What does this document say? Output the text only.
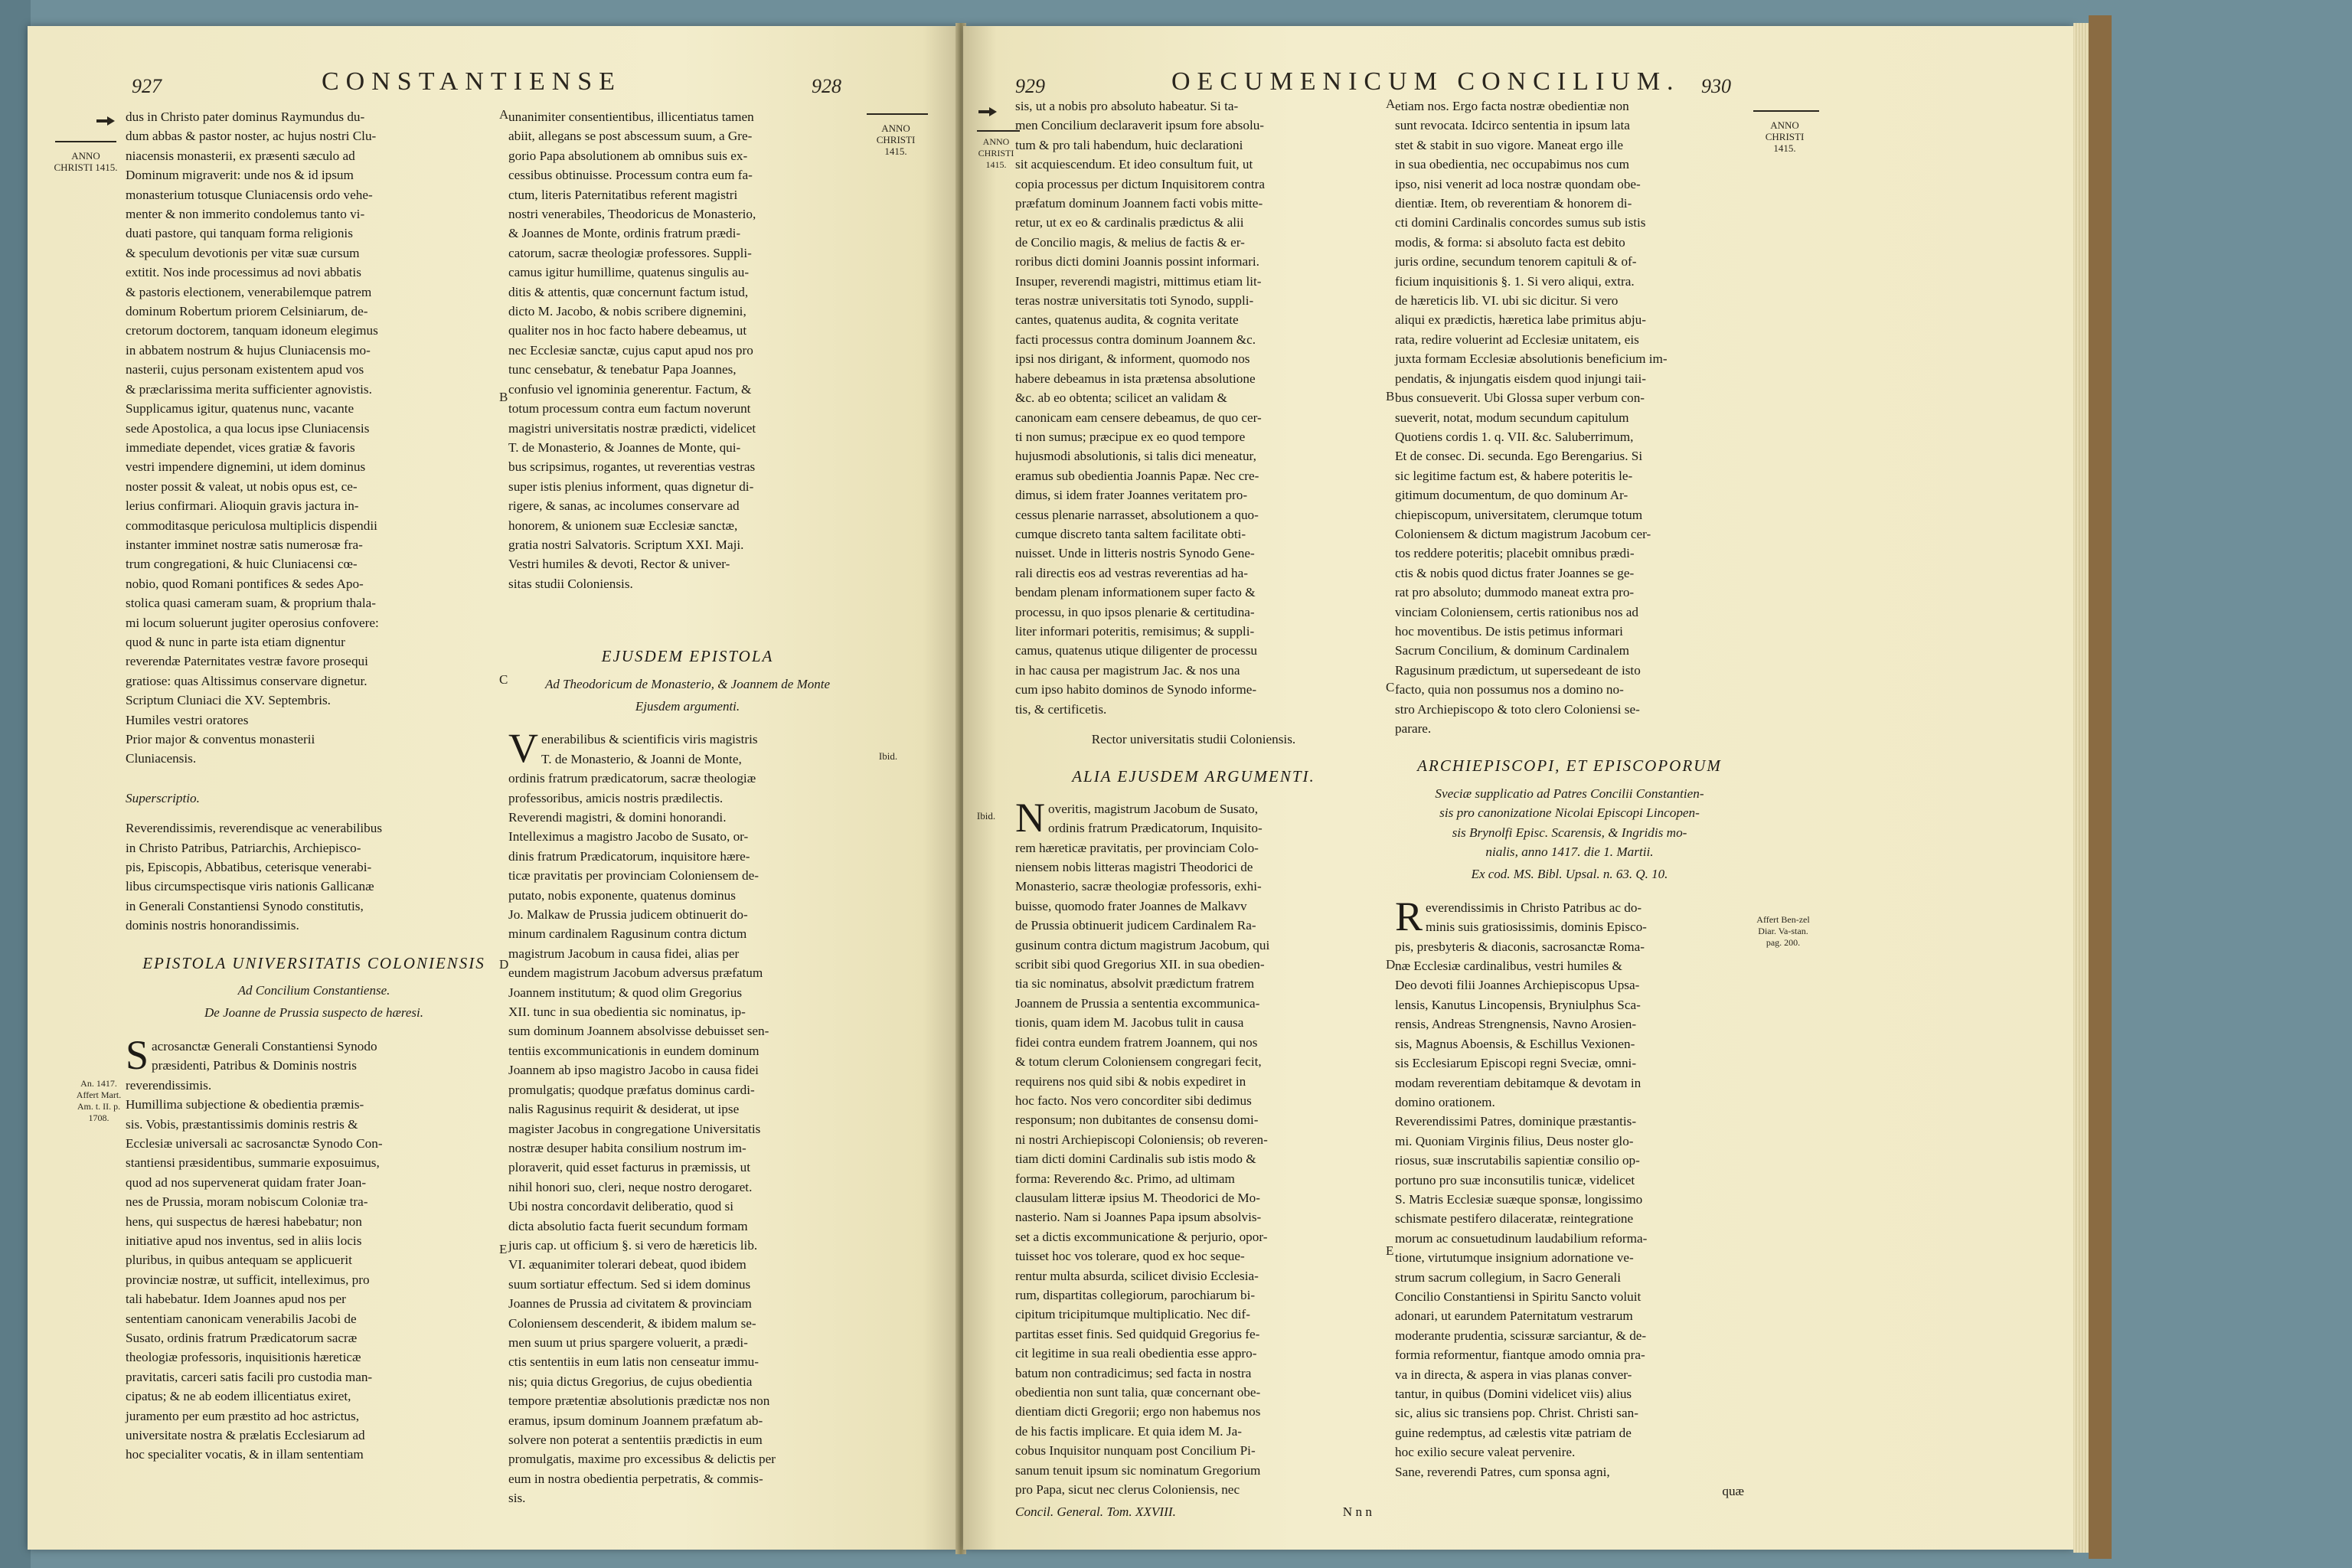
927	CONSTANTIENSE	928
ANNO CHRISTI 1415.
ANNO CHRISTI 1415.

dus in Christo pater dominus Raymundus du-

dum abbas & pastor noster, ac hujus nostri Clu-

niacensis monasterii, ex præsenti sæculo ad

Dominum migraverit: unde nos & id ipsum

monasterium totusque Cluniacensis ordo vehe-

menter & non immerito condolemus tanto vi-

duati pastore, qui tanquam forma religionis

& speculum devotionis per vitæ suæ cursum

extitit. Nos inde processimus ad novi abbatis

& pastoris electionem, venerabilemque patrem

dominum Robertum priorem Celsiniarum, de-

cretorum doctorem, tanquam idoneum elegimus

in abbatem nostrum & hujus Cluniacensis mo-

nasterii, cujus personam existentem apud vos

& præclarissima merita sufficienter agnovistis.

Supplicamus igitur, quatenus nunc, vacante

sede Apostolica, a qua locus ipse Cluniacensis

immediate dependet, vices gratiæ & favoris

vestri impendere dignemini, ut idem dominus

noster possit & valeat, ut nobis opus est, ce-

lerius confirmari. Alioquin gravis jactura in-

commoditasque periculosa multiplicis dispendii

instanter imminet nostræ satis numerosæ fra-

trum congregationi, & huic Cluniacensi cœ-

nobio, quod Romani pontifices & sedes Apo-

stolica quasi cameram suam, & proprium thala-

mi locum soluerunt jugiter operosius confovere:

quod & nunc in parte ista etiam dignentur

reverendæ Paternitates vestræ favore prosequi

gratiose: quas Altissimus conservare dignetur.

Scriptum Cluniaci die XV. Septembris.

Humiles vestri oratores

Prior major & conventus monasterii

Cluniacensis.

Superscriptio.

Reverendissimis, reverendisque ac venerabilibus

in Christo Patribus, Patriarchis, Archiepisco-

pis, Episcopis, Abbatibus, ceterisque venerabi-

libus circumspectisque viris nationis Gallicanæ

in Generali Constantiensi Synodo constitutis,

dominis nostris honorandissimis.

EPISTOLA UNIVERSITATIS COLONIENSIS

Ad Concilium Constantiense.

De Joanne de Prussia suspecto de hæresi.

Sacrosanctæ Generali Constantiensi Synodo

præsidenti, Patribus & Dominis nostris

reverendissimis.

Humillima subjectione & obedientia præmis-

sis. Vobis, præstantissimis dominis restris &

Ecclesiæ universali ac sacrosanctæ Synodo Con-

stantiensi præsidentibus, summarie exposuimus,

quod ad nos supervenerat quidam frater Joan-

nes de Prussia, moram nobiscum Coloniæ tra-

hens, qui suspectus de hæresi habebatur; non

initiative apud nos inventus, sed in aliis locis

pluribus, in quibus antequam se applicuerit

provinciæ nostræ, ut sufficit, intelleximus, pro

tali habebatur. Idem Joannes apud nos per

sententiam canonicam venerabilis Jacobi de

Susato, ordinis fratrum Prædicatorum sacræ

theologiæ professoris, inquisitionis hæreticæ

pravitatis, carceri satis facili pro custodia man-

cipatus; & ne ab eodem illicentiatus exiret,

juramento per eum præstito ad hoc astrictus,

universitate nostra & prælatis Ecclesiarum ad

hoc specialiter vocatis, & in illam sententiam

An. 1417. Affert Mart. Am. t. II. p. 1708.

unanimiter consentientibus, illicentiatus tamen

abiit, allegans se post abscessum suum, a Gre-

gorio Papa absolutionem ab omnibus suis ex-

cessibus obtinuisse. Processum contra eum fa-

ctum, literis Paternitatibus referent magistri

nostri venerabiles, Theodoricus de Monasterio,

& Joannes de Monte, ordinis fratrum prædi-

catorum, sacræ theologiæ professores. Suppli-

camus igitur humillime, quatenus singulis au-

ditis & attentis, quæ concernunt factum istud,

dicto M. Jacobo, & nobis scribere dignemini,

qualiter nos in hoc facto habere debeamus, ut

nec Ecclesiæ sanctæ, cujus caput apud nos pro

tunc censebatur, & tenebatur Papa Joannes,

confusio vel ignominia generentur. Factum, &

totum processum contra eum factum noverunt

magistri universitatis nostræ prædicti, videlicet

T. de Monasterio, & Joannes de Monte, qui-

bus scripsimus, rogantes, ut reverentias vestras

super istis plenius informent, quas dignetur di-

rigere, & sanas, ac incolumes conservare ad

honorem, & unionem suæ Ecclesiæ sanctæ,

gratia nostri Salvatoris. Scriptum XXI. Maji.

Vestri humiles & devoti, Rector & univer-

sitas studii Coloniensis.

EJUSDEM EPISTOLA

Ad Theodoricum de Monasterio, & Joannem de Monte

Ejusdem argumenti.

Venerabilibus & scientificis viris magistris

T. de Monasterio, & Joanni de Monte,

ordinis fratrum prædicatorum, sacræ theologiæ

professoribus, amicis nostris prædilectis.

Reverendi magistri, & domini honorandi.

Intelleximus a magistro Jacobo de Susato, or-

dinis fratrum Prædicatorum, inquisitore hære-

ticæ pravitatis per provinciam Coloniensem de-

putato, nobis exponente, quatenus dominus

Jo. Malkaw de Prussia judicem obtinuerit do-

minum cardinalem Ragusinum contra dictum

magistrum Jacobum in causa fidei, alias per

eundem magistrum Jacobum adversus præfatum

Joannem institutum; & quod olim Gregorius

XII. tunc in sua obedientia sic nominatus, ip-

sum dominum Joannem absolvisse debuisset sen-

tentiis excommunicationis in eundem dominum

Joannem ab ipso magistro Jacobo in causa fidei

promulgatis; quodque præfatus dominus cardi-

nalis Ragusinus requirit & desiderat, ut ipse

magister Jacobus in congregatione Universitatis

nostræ desuper habita consilium nostrum im-

ploraverit, quid esset facturus in præmissis, ut

nihil honori suo, cleri, neque nostro derogaret.

Ubi nostra concordavit deliberatio, quod si

dicta absolutio facta fuerit secundum formam

juris cap. ut officium §. si vero de hæreticis lib.

VI. æquanimiter tolerari debeat, quod ibidem

suum sortiatur effectum. Sed si idem dominus

Joannes de Prussia ad civitatem & provinciam

Coloniensem descenderit, & ibidem malum se-

men suum ut prius spargere voluerit, a prædi-

ctis sententiis in eum latis non censeatur immu-

nis; quia dictus Gregorius, de cujus obedientia

tempore prætentiæ absolutionis prædictæ nos non

eramus, ipsum dominum Joannem præfatum ab-

solvere non poterat a sententiis prædictis in eum

promulgatis, maxime pro excessibus & delictis per

eum in nostra obedientia perpetratis, & commis-

sis.

Ibid.
A
B
C
D
E
929	OECUMENICUM CONCILIUM. 930
ANNO CHRISTI 1415.
ANNO CHRISTI 1415.

sis, ut a nobis pro absoluto habeatur. Si ta-

men Concilium declaraverit ipsum fore absolu-

tum & pro tali habendum, huic declarationi

sit acquiescendum. Et ideo consultum fuit, ut

copia processus per dictum Inquisitorem contra

præfatum dominum Joannem facti vobis mitte-

retur, ut ex eo & cardinalis prædictus & alii

de Concilio magis, & melius de factis & er-

roribus dicti domini Joannis possint informari.

Insuper, reverendi magistri, mittimus etiam lit-

teras nostræ universitatis toti Synodo, suppli-

cantes, quatenus audita, & cognita veritate

facti processus contra dominum Joannem &c.

ipsi nos dirigant, & informent, quomodo nos

habere debeamus in ista prætensa absolutione

&c. ab eo obtenta; scilicet an validam &

canonicam eam censere debeamus, de quo cer-

ti non sumus; præcipue ex eo quod tempore

hujusmodi absolutionis, si talis dici meneatur,

eramus sub obedientia Joannis Papæ. Nec cre-

dimus, si idem frater Joannes veritatem pro-

cessus plenarie narrasset, absolutionem a quo-

cumque discreto tanta saltem facilitate obti-

nuisset. Unde in litteris nostris Synodo Gene-

rali directis eos ad vestras reverentias ad ha-

bendam plenam informationem super facto &

processu, in quo ipsos plenarie & certitudina-

liter informari poteritis, remisimus; & suppli-

camus, quatenus utique diligenter de processu

in hac causa per magistrum Jac. & nos una

cum ipso habito dominos de Synodo informe-

tis, & certificetis.

Rector universitatis studii Coloniensis.

ALIA EJUSDEM ARGUMENTI.

Noveritis, magistrum Jacobum de Susato,

ordinis fratrum Prædicatorum, Inquisito-

rem hæreticæ pravitatis, per provinciam Colo-

niensem nobis litteras magistri Theodorici de

Monasterio, sacræ theologiæ professoris, exhi-

buisse, quomodo frater Joannes de Malkavv

de Prussia obtinuerit judicem Cardinalem Ra-

gusinum contra dictum magistrum Jacobum, qui

scribit sibi quod Gregorius XII. in sua obedien-

tia sic nominatus, absolvit prædictum fratrem

Joannem de Prussia a sententia excommunica-

tionis, quam idem M. Jacobus tulit in causa

fidei contra eundem fratrem Joannem, qui nos

& totum clerum Coloniensem congregari fecit,

requirens nos quid sibi & nobis expediret in

hoc facto. Nos vero concorditer sibi dedimus

responsum; non dubitantes de consensu domi-

ni nostri Archiepiscopi Coloniensis; ob reveren-

tiam dicti domini Cardinalis sub istis modo &

forma: Reverendo &c. Primo, ad ultimam

clausulam litteræ ipsius M. Theodorici de Mo-

nasterio. Nam si Joannes Papa ipsum absolvis-

set a dictis excommunicatione & perjurio, opor-

tuisset hoc vos tolerare, quod ex hoc seque-

rentur multa absurda, scilicet divisio Ecclesia-

rum, dispartitas collegiorum, parochiarum bi-

cipitum tricipitumque multiplicatio. Nec dif-

partitas esset finis. Sed quidquid Gregorius fe-

cit legitime in sua reali obedientia esse appro-

batum non contradicimus; sed facta in nostra

obedientia non sunt talia, quæ concernant obe-

dientiam dicti Gregorii; ergo non habemus nos

de his factis implicare. Et quia idem M. Ja-

cobus Inquisitor nunquam post Concilium Pi-

sanum tenuit ipsum sic nominatum Gregorium

pro Papa, sicut nec clerus Coloniensis, nec

Concil. General. Tom. XXVIII.	N n n
Ibid.

etiam nos. Ergo facta nostræ obedientiæ non

sunt revocata. Idcirco sententia in ipsum lata

stet & stabit in suo vigore. Maneat ergo ille

in sua obedientia, nec occupabimus nos cum

ipso, nisi venerit ad loca nostræ quondam obe-

dientiæ. Item, ob reverentiam & honorem di-

cti domini Cardinalis concordes sumus sub istis

modis, & forma: si absoluto facta est debito

juris ordine, secundum tenorem capituli & of-

ficium inquisitionis §. 1. Si vero aliqui, extra.

de hæreticis lib. VI. ubi sic dicitur. Si vero

aliqui ex prædictis, hæretica labe primitus abju-

rata, redire voluerint ad Ecclesiæ unitatem, eis

juxta formam Ecclesiæ absolutionis beneficium im-

pendatis, & injungatis eisdem quod injungi taii-

bus consueverit. Ubi Glossa super verbum con-

sueverit, notat, modum secundum capitulum

Quotiens cordis 1. q. VII. &c. Saluberrimum,

Et de consec. Di. secunda. Ego Berengarius. Si

sic legitime factum est, & habere poteritis le-

gitimum documentum, de quo dominum Ar-

chiepiscopum, universitatem, clerumque totum

Coloniensem & dictum magistrum Jacobum cer-

tos reddere poteritis; placebit omnibus prædi-

ctis & nobis quod dictus frater Joannes se ge-

rat pro absoluto; dummodo maneat extra pro-

vinciam Coloniensem, certis rationibus nos ad

hoc moventibus. De istis petimus informari

Sacrum Concilium, & dominum Cardinalem

Ragusinum prædictum, ut supersedeant de isto

facto, quia non possumus nos a domino no-

stro Archiepiscopo & toto clero Coloniensi se-

parare.

ARCHIEPISCOPI, ET EPISCOPORUM

Sveciæ supplicatio ad Patres Concilii Constantien-

sis pro canonizatione Nicolai Episcopi Lincopen-

sis Brynolfi Episc. Scarensis, & Ingridis mo-

nialis, anno 1417. die 1. Martii.

Ex cod. MS. Bibl. Upsal. n. 63. Q. 10.

Reverendissimis in Christo Patribus ac do-

minis suis gratiosissimis, dominis Episco-

pis, presbyteris & diaconis, sacrosanctæ Roma-

næ Ecclesiæ cardinalibus, vestri humiles &

Deo devoti filii Joannes Archiepiscopus Upsa-

lensis, Kanutus Lincopensis, Bryniulphus Sca-

rensis, Andreas Strengnensis, Navno Arosien-

sis, Magnus Aboensis, & Eschillus Vexionen-

sis Ecclesiarum Episcopi regni Sveciæ, omni-

modam reverentiam debitamque & devotam in

domino orationem.

Reverendissimi Patres, dominique præstantis-

mi. Quoniam Virginis filius, Deus noster glo-

riosus, suæ inscrutabilis sapientiæ consilio op-

portuno pro suæ inconsutilis tunicæ, videlicet

S. Matris Ecclesiæ suæque sponsæ, longissimo

schismate pestifero dilaceratæ, reintegratione

morum ac consuetudinum laudabilium reforma-

tione, virtutumque insignium adornatione ve-

strum sacrum collegium, in Sacro Generali

Concilio Constantiensi in Spiritu Sancto voluit

adonari, ut earundem Paternitatum vestrarum

moderante prudentia, scissuræ sarciantur, & de-

formia reformentur, fiantque amodo omnia pra-

va in directa, & aspera in vias planas conver-

tantur, in quibus (Domini videlicet viis) alius

sic, alius sic transiens pop. Christ. Christi san-

guine redemptus, ad cælestis vitæ patriam de

hoc exilio secure valeat pervenire.

Sane, reverendi Patres, cum sponsa agni,

quæ

Affert Ben-zel Diar. Va-stan. pag. 200.
A
B
C
D
E
